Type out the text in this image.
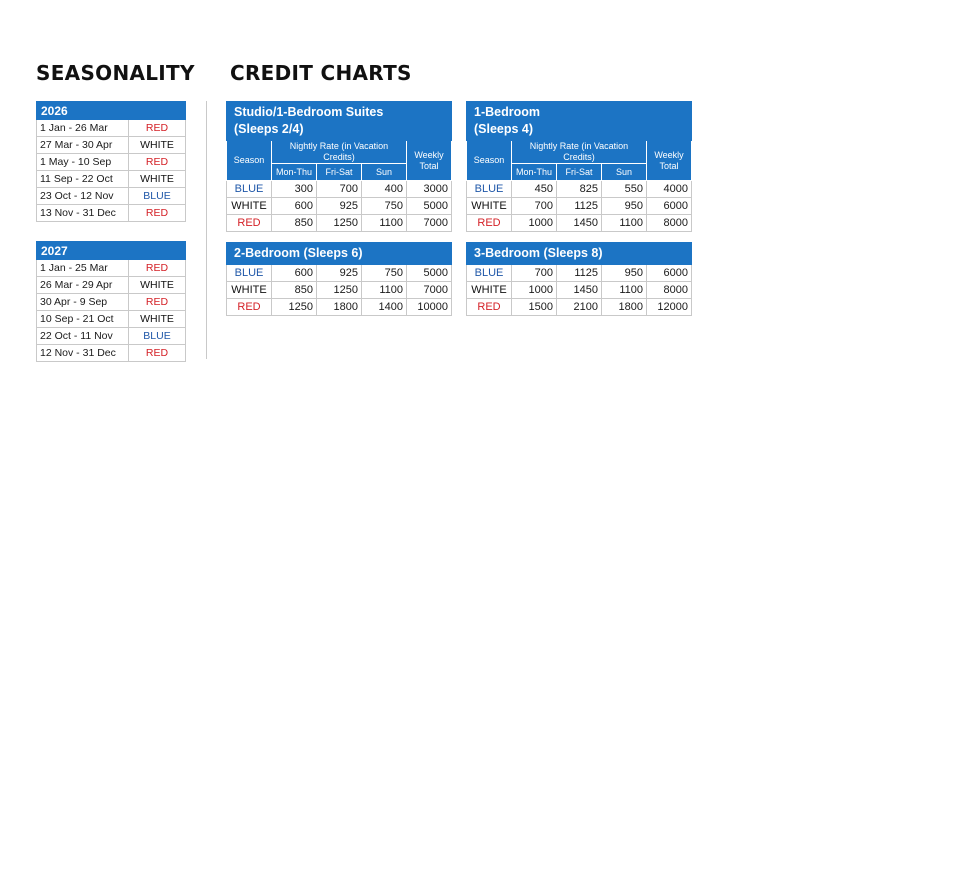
SEASONALITY CREDIT CHARTS
2026	
1 Jan - 26 Mar	RED
27 Mar - 30 Apr	WHITE
1 May - 10 Sep	RED
11 Sep - 22 Oct	WHITE
23 Oct - 12 Nov	BLUE
13 Nov - 31 Dec	RED
2027	
1 Jan - 25 Mar	RED
26 Mar - 29 Apr	WHITE
30 Apr - 9 Sep	RED
10 Sep - 21 Oct	WHITE
22 Oct - 11 Nov	BLUE
12 Nov - 31 Dec	RED
Studio/1-Bedroom Suites
(Sleeps 2/4)				
Season	Nightly Rate (in Vacation Credits)			Weekly Total
	Mon-Thu	Fri-Sat	Sun	
BLUE	300	700	400	3000
WHITE	600	925	750	5000
RED	850	1250	1100	7000
1-Bedroom
(Sleeps 4)				
Season	Nightly Rate (in Vacation Credits)			Weekly Total
	Mon-Thu	Fri-Sat	Sun	
BLUE	450	825	550	4000
WHITE	700	1125	950	6000
RED	1000	1450	1100	8000
2-Bedroom (Sleeps 6)				
BLUE	600	925	750	5000
WHITE	850	1250	1100	7000
RED	1250	1800	1400	10000
3-Bedroom (Sleeps 8)				
BLUE	700	1125	950	6000
WHITE	1000	1450	1100	8000
RED	1500	2100	1800	12000
